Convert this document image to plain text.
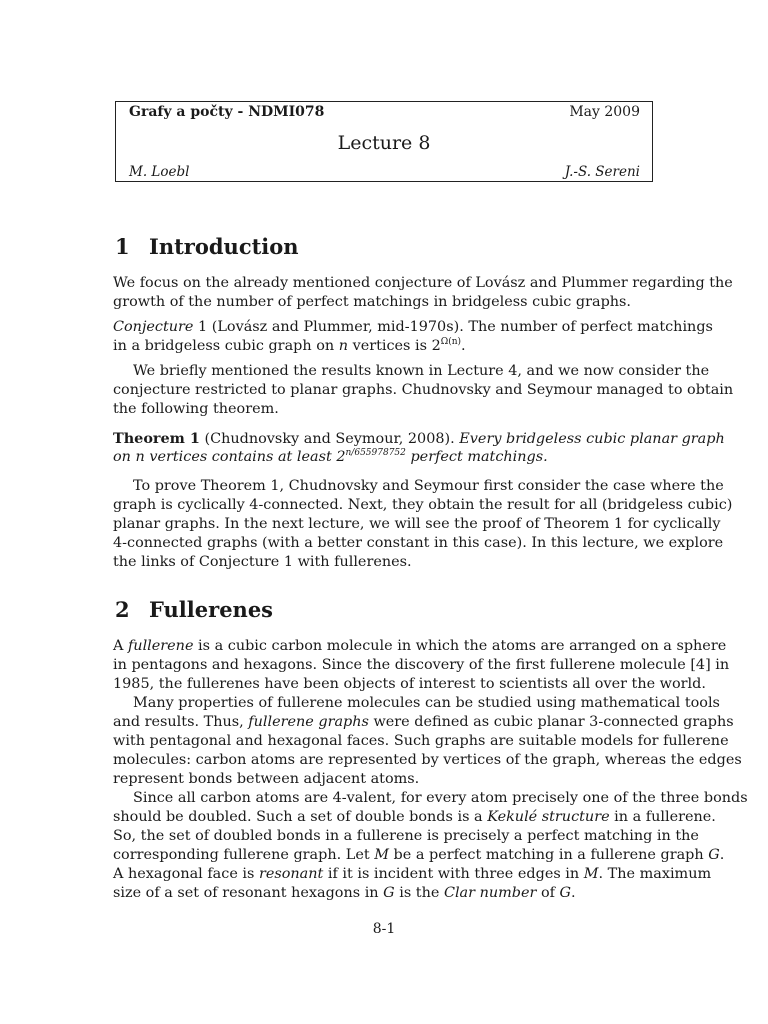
Grafy a počty - NDMI078	May 2009
Lecture 8
M. Loebl	J.-S. Sereni
1 Introduction
We focus on the already mentioned conjecture of Lovász and Plummer regarding the
growth of the number of perfect matchings in bridgeless cubic graphs.
Conjecture 1 (Lovász and Plummer, mid-1970s). The number of perfect matchings
in a bridgeless cubic graph on n vertices is $2^{\Omega(n)}$.
We briefly mentioned the results known in Lecture 4, and we now consider the
conjecture restricted to planar graphs. Chudnovsky and Seymour managed to obtain
the following theorem.
Theorem 1 (Chudnovsky and Seymour, 2008). Every bridgeless cubic planar graph
on n vertices contains at least $2^{n/655978752}$ perfect matchings.
To prove Theorem 1, Chudnovsky and Seymour first consider the case where the
graph is cyclically 4-connected. Next, they obtain the result for all (bridgeless cubic)
planar graphs. In the next lecture, we will see the proof of Theorem 1 for cyclically
4-connected graphs (with a better constant in this case). In this lecture, we explore
the links of Conjecture 1 with fullerenes.
2 Fullerenes
A fullerene is a cubic carbon molecule in which the atoms are arranged on a sphere
in pentagons and hexagons. Since the discovery of the first fullerene molecule [4] in
1985, the fullerenes have been objects of interest to scientists all over the world.
Many properties of fullerene molecules can be studied using mathematical tools
and results. Thus, fullerene graphs were defined as cubic planar 3-connected graphs
with pentagonal and hexagonal faces. Such graphs are suitable models for fullerene
molecules: carbon atoms are represented by vertices of the graph, whereas the edges
represent bonds between adjacent atoms.
Since all carbon atoms are 4-valent, for every atom precisely one of the three bonds
should be doubled. Such a set of double bonds is a Kekulé structure in a fullerene.
So, the set of doubled bonds in a fullerene is precisely a perfect matching in the
corresponding fullerene graph. Let M be a perfect matching in a fullerene graph G.
A hexagonal face is resonant if it is incident with three edges in M. The maximum
size of a set of resonant hexagons in G is the Clar number of G.
8-1
